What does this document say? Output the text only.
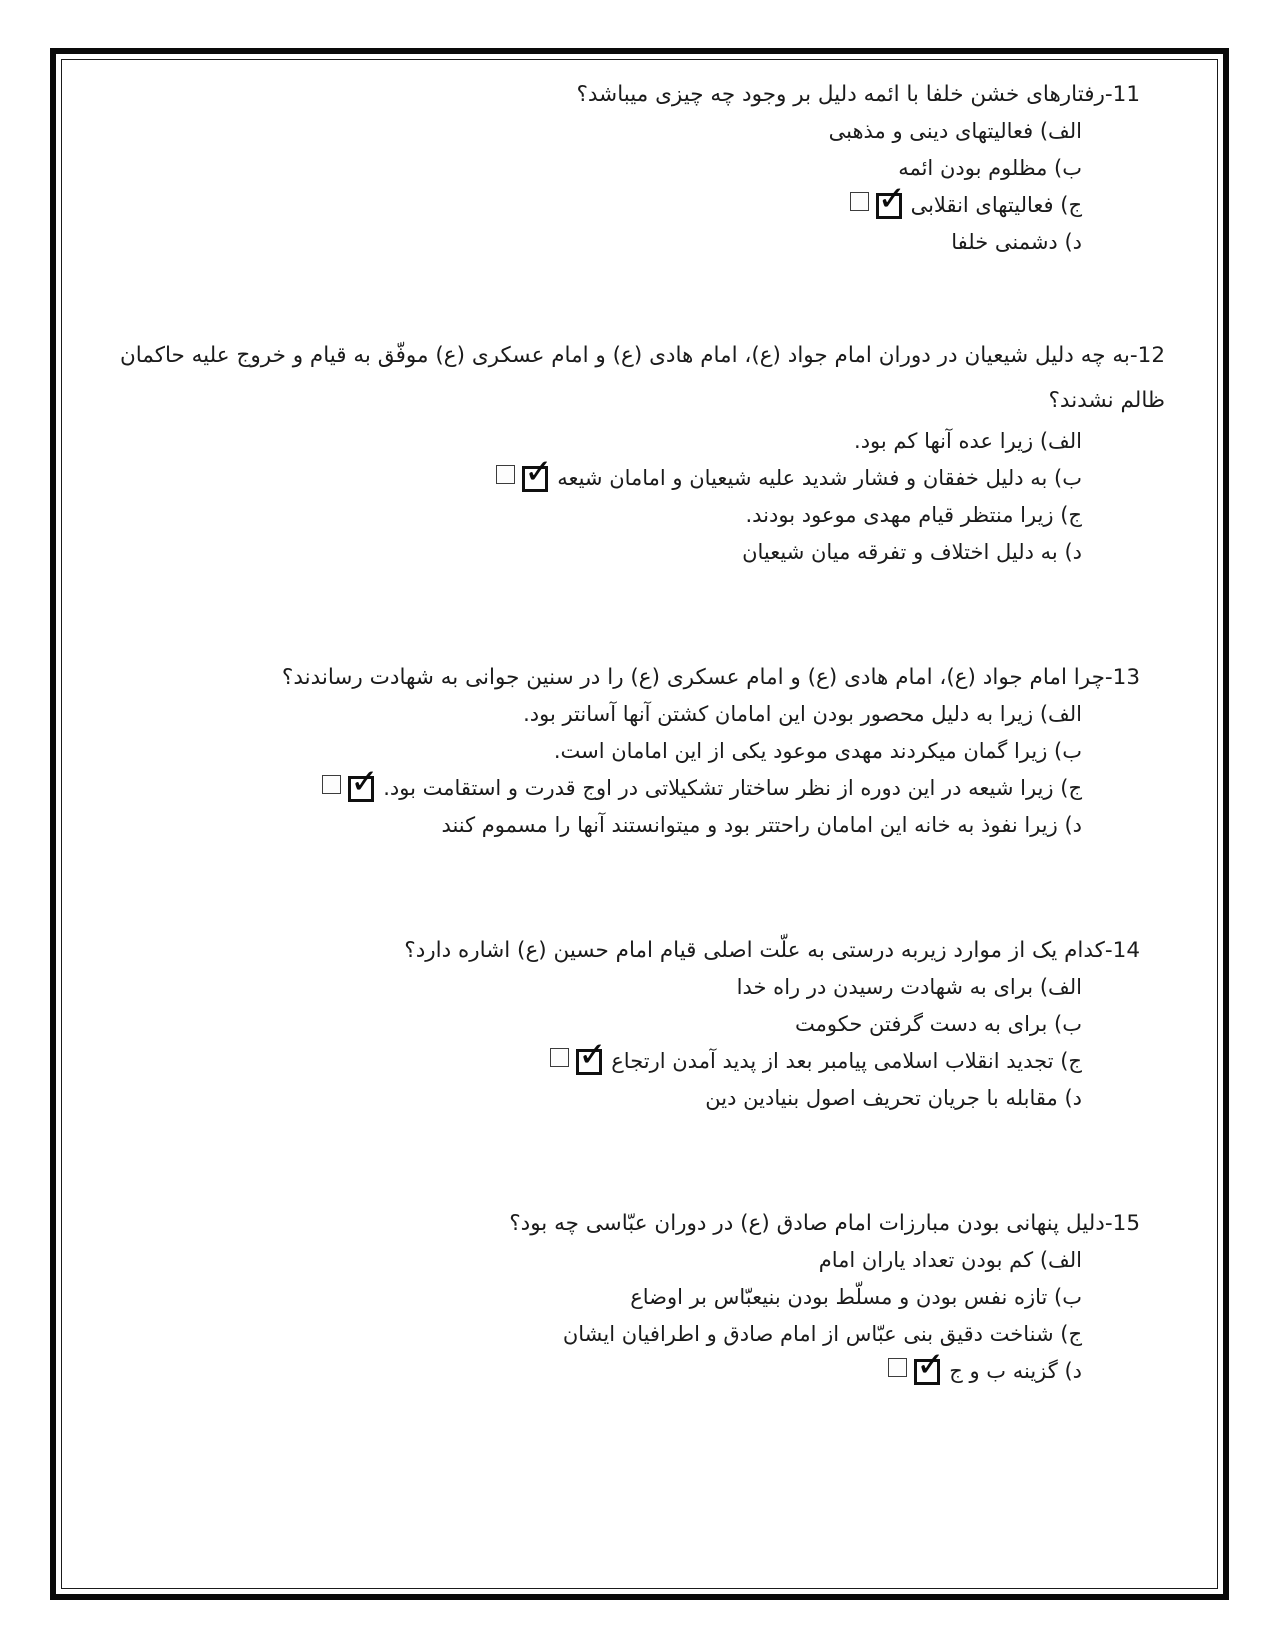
11-رفتارهای خشن خلفا با ائمه دلیل بر وجود چه چیزی میباشد؟
الف) فعالیتهای دینی و مذهبی
ب) مظلوم بودن ائمه
ج) فعالیتهای انقلابی
✓
د) دشمنی خلفا
12-به چه دلیل شیعیان در دوران امام جواد (ع)، امام هادی (ع) و امام عسکری (ع) موفّق به قیام و خروج علیه حاکمان ظالم نشدند؟
الف) زیرا عده آنها کم بود.
ب) به دلیل خفقان و فشار شدید علیه شیعیان و امامان شیعه
✓
ج) زیرا منتظر قیام مهدی موعود بودند.
د) به دلیل اختلاف و تفرقه میان شیعیان
13-چرا امام جواد (ع)، امام هادی (ع) و امام عسکری (ع) را در سنین جوانی به شهادت رساندند؟
الف) زیرا به دلیل محصور بودن این امامان کشتن آنها آسانتر بود.
ب) زیرا گمان میکردند مهدی موعود یکی از این امامان است.
ج) زیرا شیعه در این دوره از نظر ساختار تشکیلاتی در اوج قدرت و استقامت بود.
✓
د) زیرا نفوذ به خانه این امامان راحتتر بود و میتوانستند آنها را مسموم کنند
14-کدام یک از موارد زیربه درستی به علّت اصلی قیام امام حسین (ع) اشاره دارد؟
الف) برای به شهادت رسیدن در راه خدا
ب) برای به دست گرفتن حکومت
ج) تجدید انقلاب اسلامی پیامبر بعد از پدید آمدن ارتجاع
✓
د) مقابله با جریان تحریف اصول بنیادین دین
15-دلیل پنهانی بودن مبارزات امام صادق (ع) در دوران عبّاسی چه بود؟
الف) کم بودن تعداد یاران امام
ب) تازه نفس بودن و مسلّط بودن بنیعبّاس بر اوضاع
ج) شناخت دقیق بنی عبّاس از امام صادق و اطرافیان ایشان
د) گزینه ب و ج
✓
